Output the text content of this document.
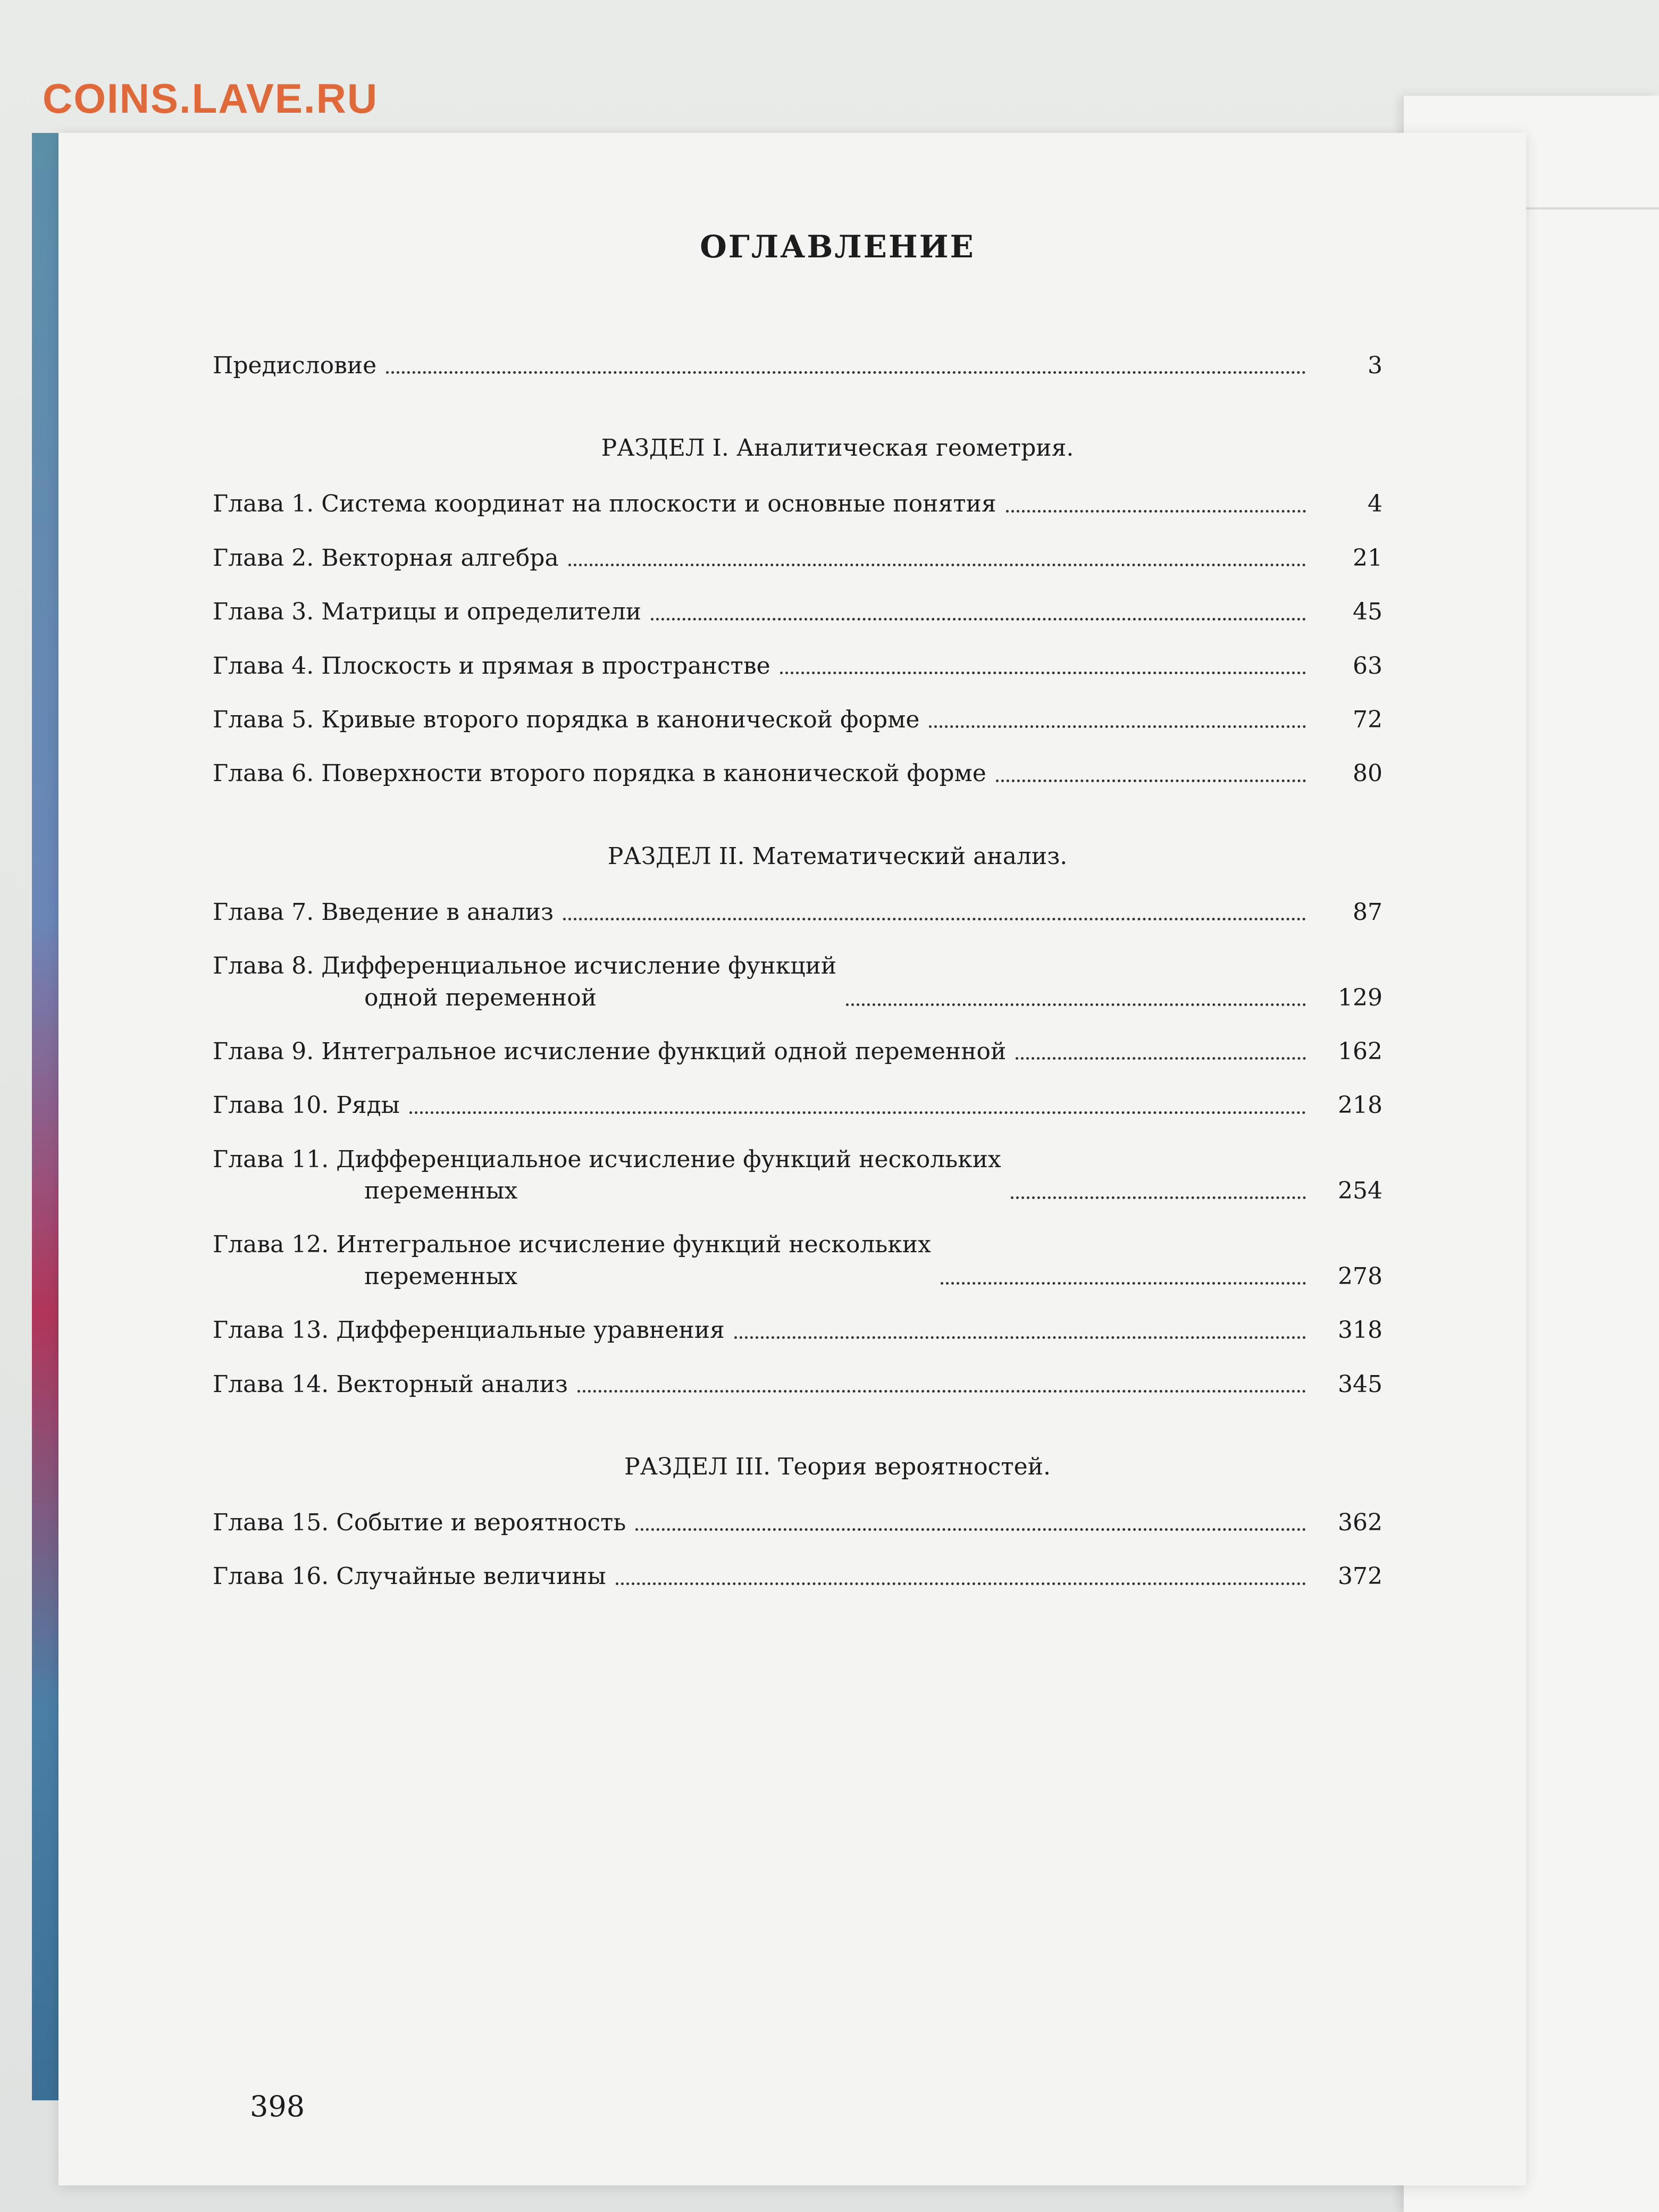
COINS.LAVE.RU
ОГЛАВЛЕНИЕ
Предисловие	3
РАЗДЕЛ I. Аналитическая геометрия.
Глава 1. Система координат на плоскости и основные понятия	4
Глава 2. Векторная алгебра	21
Глава 3. Матрицы и определители	45
Глава 4. Плоскость и прямая в пространстве	63
Глава 5. Кривые второго порядка в канонической форме	72
Глава 6. Поверхности второго порядка в канонической форме	80
РАЗДЕЛ II. Математический анализ.
Глава 7. Введение в анализ	87
Глава 8. Дифференциальное исчисление функций
одной переменной	129
Глава 9. Интегральное исчисление функций одной переменной	162
Глава 10. Ряды	218
Глава 11. Дифференциальное исчисление функций нескольких
переменных	254
Глава 12. Интегральное исчисление функций нескольких
переменных	278
Глава 13. Дифференциальные уравнения	318
Глава 14. Векторный анализ	345
РАЗДЕЛ III. Теория вероятностей.
Глава 15. Событие и вероятность	362
Глава 16. Случайные величины	372
398
